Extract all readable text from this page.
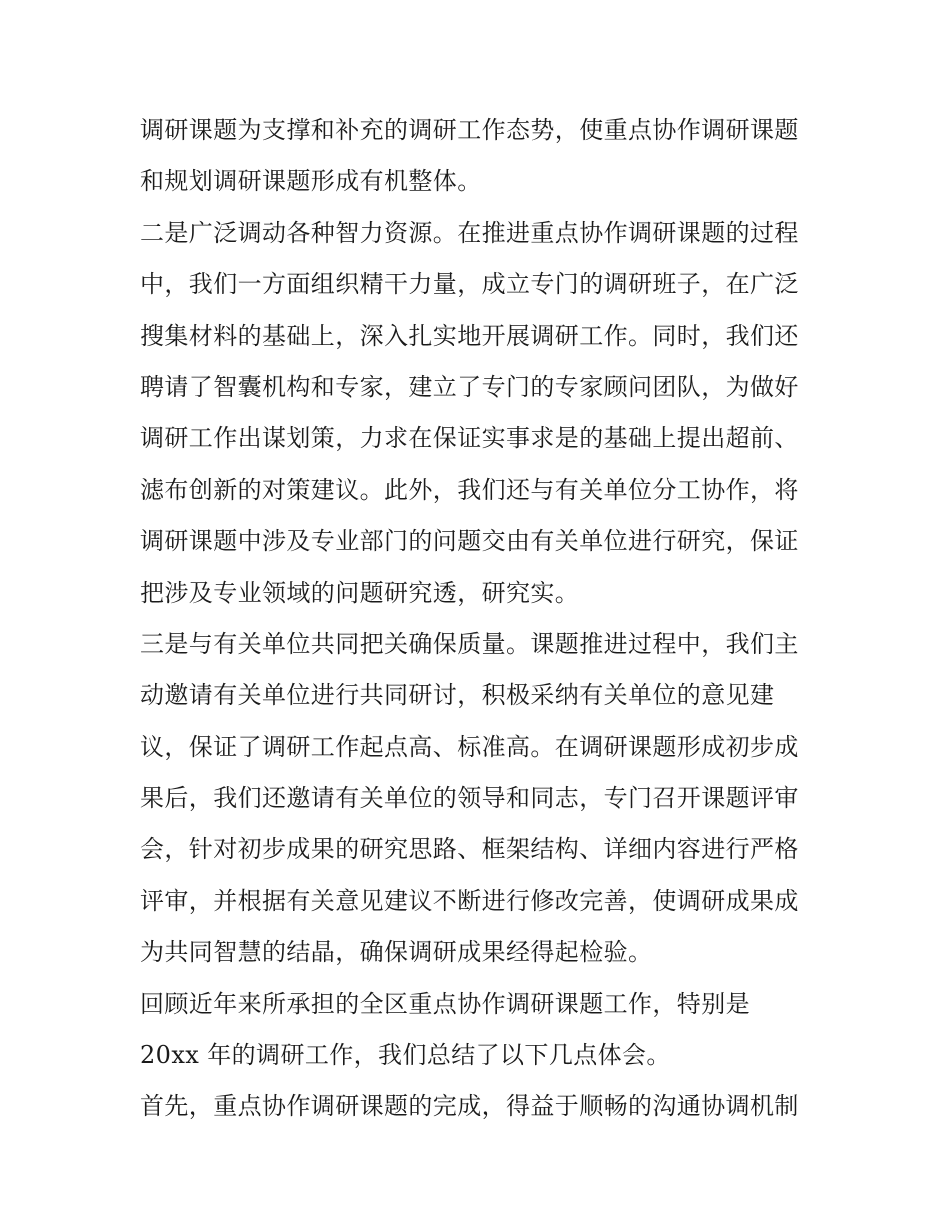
调研课题为支撑和补充的调研工作态势，使重点协作调研课题
和规划调研课题形成有机整体。
二是广泛调动各种智力资源。在推进重点协作调研课题的过程
中，我们一方面组织精干力量，成立专门的调研班子，在广泛
搜集材料的基础上，深入扎实地开展调研工作。同时，我们还
聘请了智囊机构和专家，建立了专门的专家顾问团队，为做好
调研工作出谋划策，力求在保证实事求是的基础上提出超前、
滤布创新的对策建议。此外，我们还与有关单位分工协作，将
调研课题中涉及专业部门的问题交由有关单位进行研究，保证
把涉及专业领域的问题研究透，研究实。
三是与有关单位共同把关确保质量。课题推进过程中，我们主
动邀请有关单位进行共同研讨，积极采纳有关单位的意见建
议，保证了调研工作起点高、标准高。在调研课题形成初步成
果后，我们还邀请有关单位的领导和同志，专门召开课题评审
会，针对初步成果的研究思路、框架结构、详细内容进行严格
评审，并根据有关意见建议不断进行修改完善，使调研成果成
为共同智慧的结晶，确保调研成果经得起检验。
回顾近年来所承担的全区重点协作调研课题工作，特别是
20xx 年的调研工作，我们总结了以下几点体会。
首先，重点协作调研课题的完成，得益于顺畅的沟通协调机制
